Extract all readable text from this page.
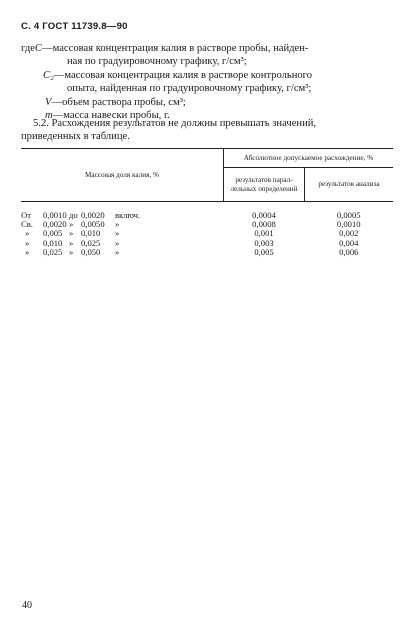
С. 4 ГОСТ 11739.8—90
где C — массовая концентрация калия в растворе пробы, найден-
ная по градуировочному графику, г/см³;
C₂ — массовая концентрация калия в растворе контрольного
опыта, найденная по градуировочному графику, г/см³;
V — объем раствора пробы, см³;
m — масса навески пробы, г.
5.2. Расхождения результатов не должны превышать значений,
приведенных в таблице.
Массовая доля калия, %	Абсолютное допускаемое расхождение, %	

	результатов парал-
лельных определений	результатов анализа
От 0,0010 до 0,0020 включ.	0,0004	0,0005
Св. 0,0020 » 0,0050 »	0,0008	0,0010
» 0,005 » 0,010 »	0,001	0,002
» 0,010 » 0,025 »	0,003	0,004
» 0,025 » 0,050 »	0,005	0,006
40
